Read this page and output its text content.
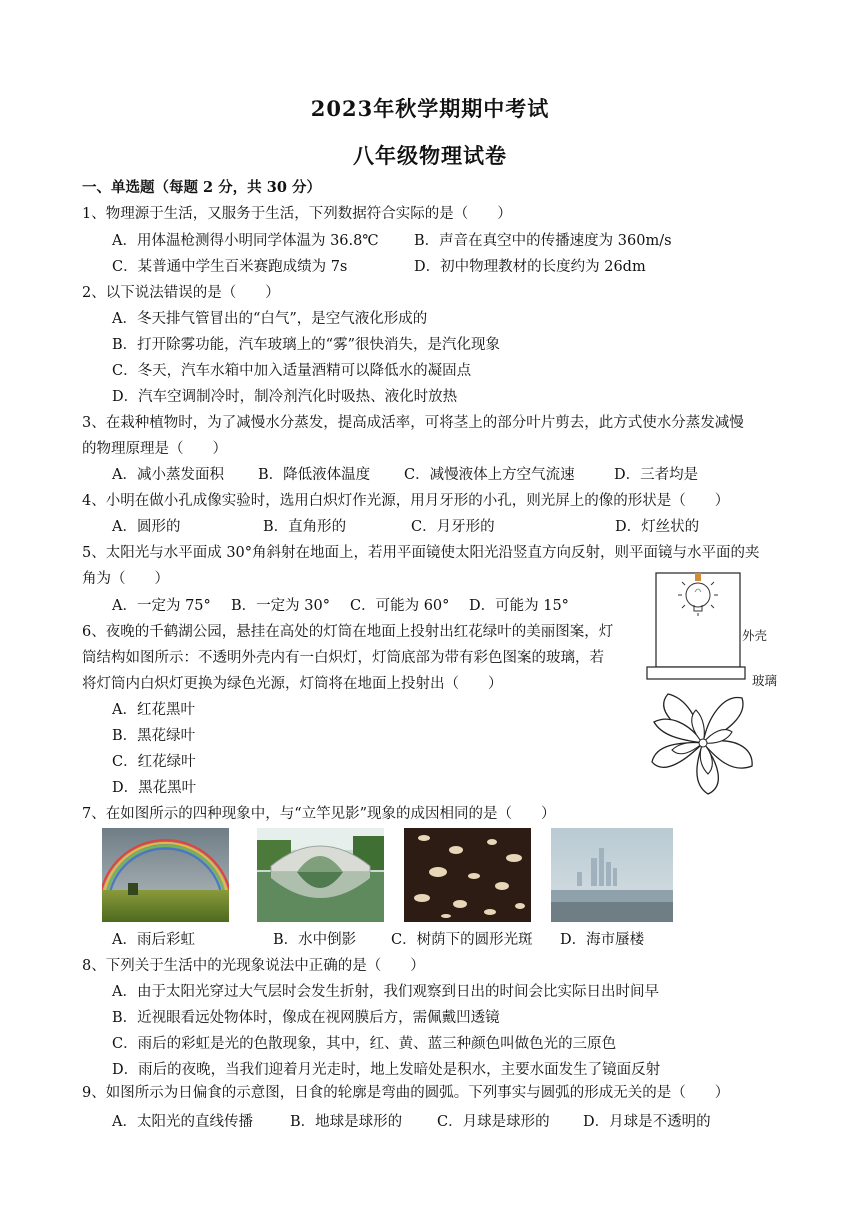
2023年秋学期期中考试
八年级物理试卷
一、单选题（每题 2 分，共 30 分）
1、物理源于生活，又服务于生活，下列数据符合实际的是（　　）
A．用体温枪测得小明同学体温为 36.8℃ B．声音在真空中的传播速度为 360m/s
C．某普通中学生百米赛跑成绩为 7s	D．初中物理教材的长度约为 26dm
2、以下说法错误的是（　　）
A．冬天排气管冒出的“白气”，是空气液化形成的
B．打开除雾功能，汽车玻璃上的“雾”很快消失，是汽化现象
C．冬天，汽车水箱中加入适量酒精可以降低水的凝固点
D．汽车空调制冷时，制冷剂汽化时吸热、液化时放热
3、在栽种植物时，为了减慢水分蒸发，提高成活率，可将茎上的部分叶片剪去，此方式使水分蒸发减慢
的物理原理是（　　）
A．减小蒸发面积 B．降低液体温度 C．减慢液体上方空气流速	D．三者均是
4、小明在做小孔成像实验时，选用白炽灯作光源，用月牙形的小孔，则光屏上的像的形状是（　　）
A．圆形的	B．直角形的	C．月牙形的	D．灯丝状的
5、太阳光与水平面成 30°角斜射在地面上，若用平面镜使太阳光沿竖直方向反射，则平面镜与水平面的夹
角为（　　）
A．一定为 75° B．一定为 30° C．可能为 60° D．可能为 15°
6、夜晚的千鹤湖公园，悬挂在高处的灯筒在地面上投射出红花绿叶的美丽图案，灯
筒结构如图所示：不透明外壳内有一白炽灯，灯筒底部为带有彩色图案的玻璃，若
将灯筒内白炽灯更换为绿色光源，灯筒将在地面上投射出（　　）
A．红花黑叶
B．黑花绿叶
C．红花绿叶
D．黑花黑叶
外壳
玻璃
7、在如图所示的四种现象中，与“立竿见影”现象的成因相同的是（　　）
A．雨后彩虹	B．水中倒影 C．树荫下的圆形光斑 D．海市蜃楼
8、下列关于生活中的光现象说法中正确的是（　　）
A．由于太阳光穿过大气层时会发生折射，我们观察到日出的时间会比实际日出时间早
B．近视眼看远处物体时，像成在视网膜后方，需佩戴凹透镜
C．雨后的彩虹是光的色散现象，其中，红、黄、蓝三种颜色叫做色光的三原色
D．雨后的夜晚，当我们迎着月光走时，地上发暗处是积水，主要水面发生了镜面反射
9、如图所示为日偏食的示意图，日食的轮廓是弯曲的圆弧。下列事实与圆弧的形成无关的是（　　）
A．太阳光的直线传播	B．地球是球形的 C．月球是球形的 D．月球是不透明的
